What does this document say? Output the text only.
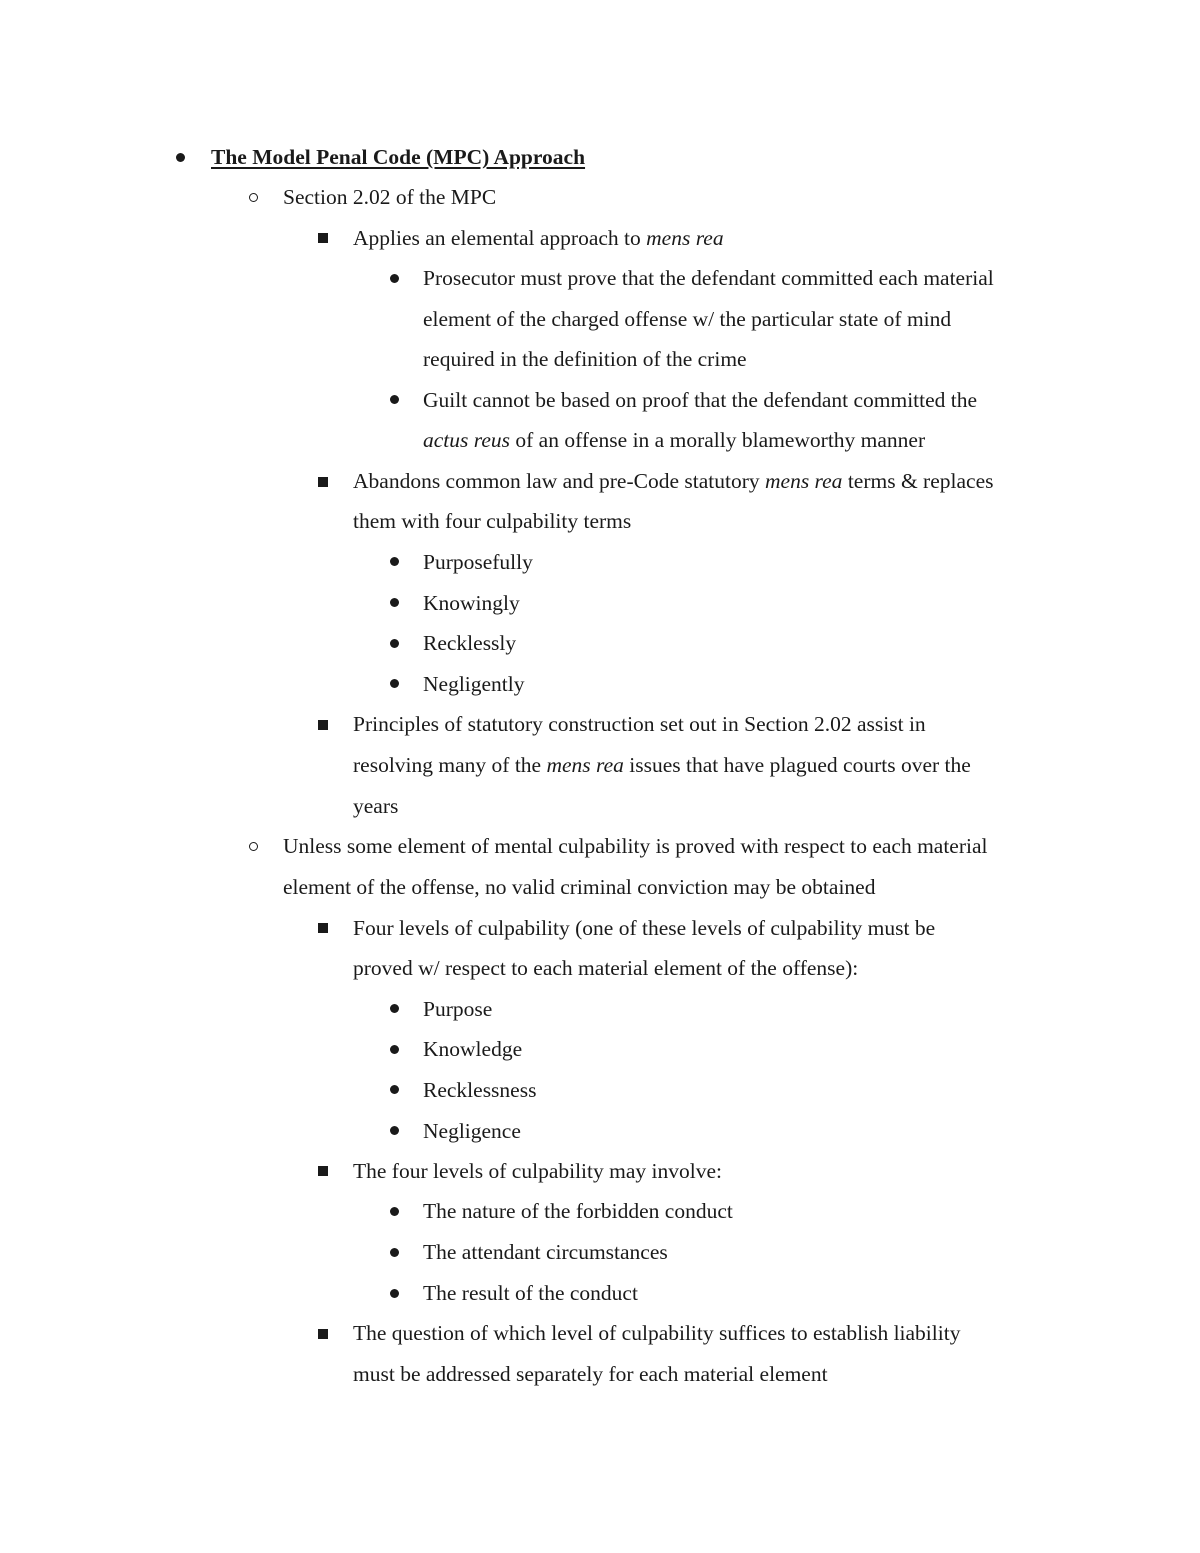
The Model Penal Code (MPC) Approach
Section 2.02 of the MPC
Applies an elemental approach to mens rea
Prosecutor must prove that the defendant committed each material
element of the charged offense w/ the particular state of mind
required in the definition of the crime
Guilt cannot be based on proof that the defendant committed the
actus reus of an offense in a morally blameworthy manner
Abandons common law and pre-Code statutory mens rea terms & replaces
them with four culpability terms
Purposefully
Knowingly
Recklessly
Negligently
Principles of statutory construction set out in Section 2.02 assist in
resolving many of the mens rea issues that have plagued courts over the
years
Unless some element of mental culpability is proved with respect to each material
element of the offense, no valid criminal conviction may be obtained
Four levels of culpability (one of these levels of culpability must be
proved w/ respect to each material element of the offense):
Purpose
Knowledge
Recklessness
Negligence
The four levels of culpability may involve:
The nature of the forbidden conduct
The attendant circumstances
The result of the conduct
The question of which level of culpability suffices to establish liability
must be addressed separately for each material element
